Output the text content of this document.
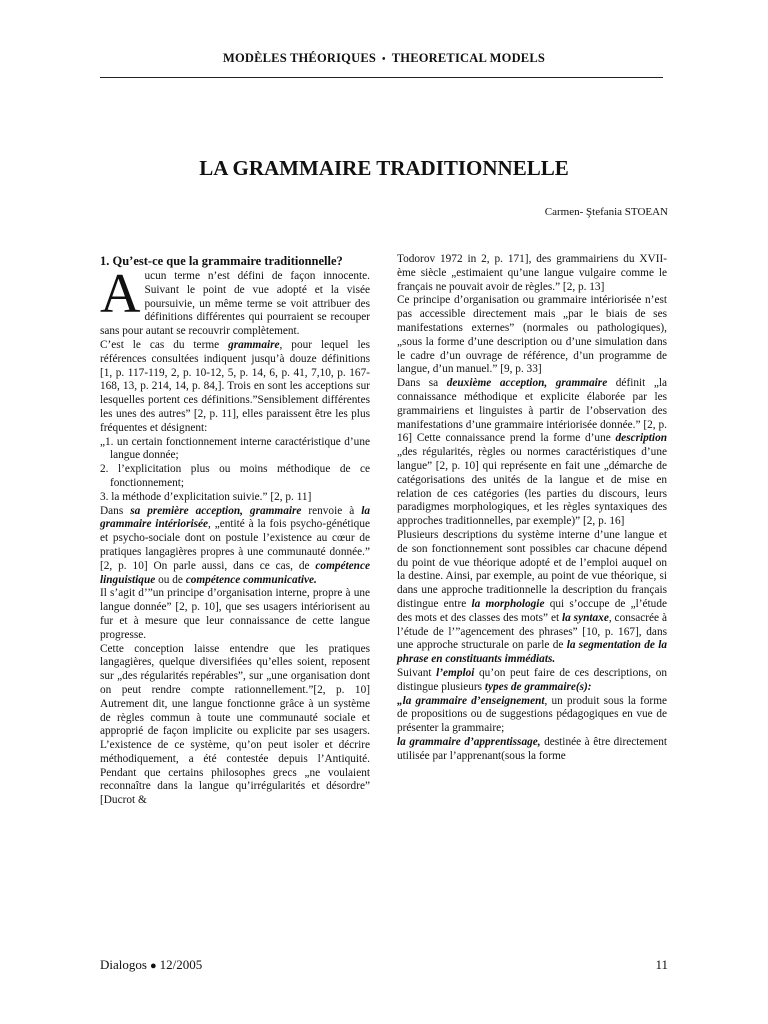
MODÈLES THÉORIQUES • THEORETICAL MODELS
LA GRAMMAIRE TRADITIONNELLE
Carmen- Ştefania STOEAN

1. Qu’est-ce que la grammaire traditionnelle?

Aucun terme n’est défini de façon innocente. Suivant le point de vue adopté et la visée poursuivie, un même terme se voit attribuer des définitions différentes qui pourraient se recouper sans pour autant se recouvrir complètement.

C’est le cas du terme grammaire, pour lequel les références consultées indiquent jusqu’à douze définitions [1, p. 117-119, 2, p. 10-12, 5, p. 14, 6, p. 41, 7,10, p. 167-168, 13, p. 214, 14, p. 84,]. Trois en sont les acceptions sur lesquelles portent ces définitions.”Sensiblement différentes les unes des autres” [2, p. 11], elles paraissent être les plus fréquentes et désignent:

„1. un certain fonctionnement interne caractéristique d’une langue donnée;

2. l’explicitation plus ou moins méthodique de ce fonctionnement;

3. la méthode d’explicitation suivie.” [2, p. 11]

Dans sa première acception, grammaire renvoie à la grammaire intériorisée, „entité à la fois psycho-génétique et psycho-sociale dont on postule l’existence au cœur de pratiques langagières propres à une communauté donnée.” [2, p. 10] On parle aussi, dans ce cas, de compétence linguistique ou de compétence communicative.

Il s’agit d’”un principe d’organisation interne, propre à une langue donnée” [2, p. 10], que ses usagers intériorisent au fur et à mesure que leur connaissance de cette langue progresse.

Cette conception laisse entendre que les pratiques langagières, quelque diversifiées qu’elles soient, reposent sur „des régularités repérables”, sur „une organisation dont on peut rendre compte rationnellement.”[2, p. 10] Autrement dit, une langue fonctionne grâce à un système de règles commun à toute une communauté sociale et approprié de façon implicite ou explicite par ses usagers. L’existence de ce système, qu’on peut isoler et décrire méthodiquement, a été contestée depuis l’Antiquité. Pendant que certains philosophes grecs „ne voulaient reconnaître dans la langue qu’irrégularités et désordre” [Ducrot &

Todorov 1972 in 2, p. 171], des grammairiens du XVII-ème siècle „estimaient qu’une langue vulgaire comme le français ne pouvait avoir de règles.” [2, p. 13]

Ce principe d’organisation ou grammaire intériorisée n’est pas accessible directement mais „par le biais de ses manifestations externes” (normales ou pathologiques), „sous la forme d’une description ou d’une simulation dans le cadre d’un ouvrage de référence, d’un programme de langue, d’un manuel.” [9, p. 33]

Dans sa deuxième acception, grammaire définit „la connaissance méthodique et explicite élaborée par les grammairiens et linguistes à partir de l’observation des manifestations d’une grammaire intériorisée donnée.” [2, p. 16] Cette connaissance prend la forme d’une description „des régularités, règles ou normes caractéristiques d’une langue” [2, p. 10] qui représente en fait une „démarche de catégorisations des unités de la langue et de mise en relation de ces catégories (les parties du discours, leurs paradigmes morphologiques, et les règles syntaxiques des approches traditionnelles, par exemple)” [2, p. 16]

Plusieurs descriptions du système interne d’une langue et de son fonctionnement sont possibles car chacune dépend du point de vue théorique adopté et de l’emploi auquel on la destine. Ainsi, par exemple, au point de vue théorique, si dans une approche traditionnelle la description du français distingue entre la morphologie qui s’occupe de „l’étude des mots et des classes des mots” et la syntaxe, consacrée à l’étude de l’”agencement des phrases” [10, p. 167], dans une approche structurale on parle de la segmentation de la phrase en constituants immédiats.

Suivant l’emploi qu’on peut faire de ces descriptions, on distingue plusieurs types de grammaire(s):

„la grammaire d’enseignement, un produit sous la forme de propositions ou de suggestions pédagogiques en vue de présenter la grammaire;

la grammaire d’apprentissage, destinée à être directement utilisée par l’apprenant(sous la forme

Dialogos ● 12/2005	11
